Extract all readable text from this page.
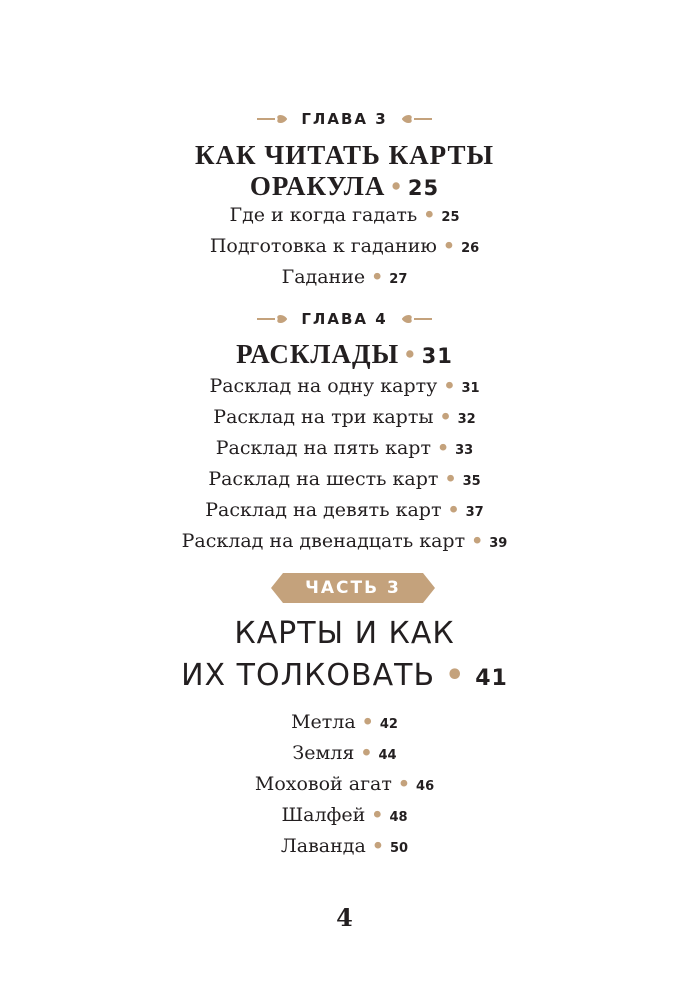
ГЛАВА 3
КАК ЧИТАТЬ КАРТЫ
ОРАКУЛА • 25
Где и когда гадать • 25
Подготовка к гаданию • 26
Гадание • 27
ГЛАВА 4
РАСКЛАДЫ • 31
Расклад на одну карту • 31
Расклад на три карты • 32
Расклад на пять карт • 33
Расклад на шесть карт • 35
Расклад на девять карт • 37
Расклад на двенадцать карт • 39
ЧАСТЬ 3
КАРТЫ И КАК
ИХ ТОЛКОВАТЬ • 41
Метла • 42
Земля • 44
Моховой агат • 46
Шалфей • 48
Лаванда • 50
4
